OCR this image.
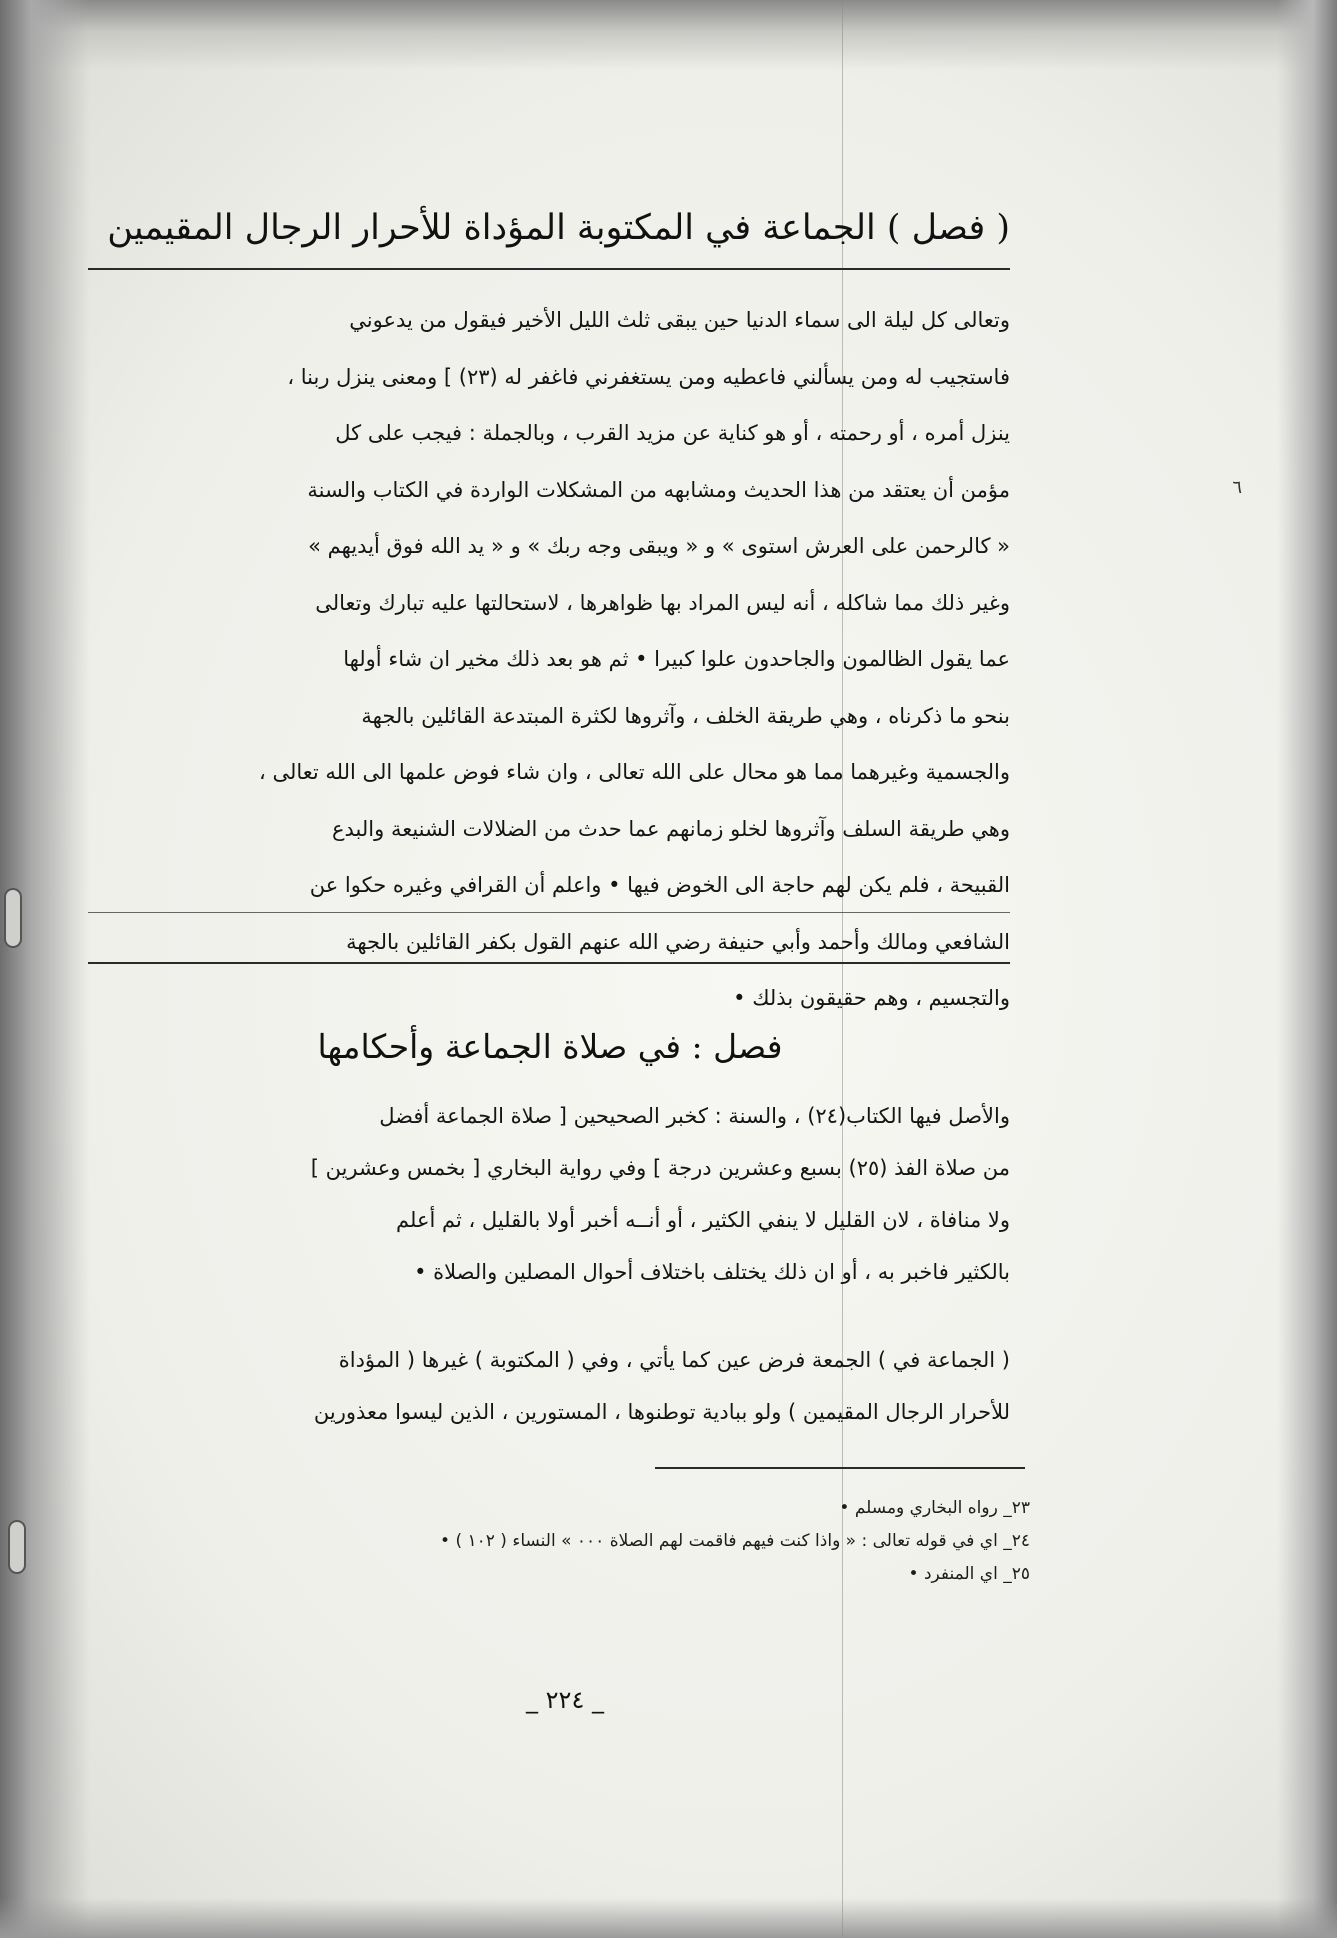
( فصل ) الجماعة في المكتوبة المؤداة للأحرار الرجال المقيمين
٦
وتعالى كل ليلة الى سماء الدنيا حين يبقى ثلث الليل الأخير فيقول من يدعوني
فاستجيب له ومن يسألني فاعطيه ومن يستغفرني فاغفر له (٢٣) ] ومعنى ينزل ربنا ،
ينزل أمره ، أو رحمته ، أو هو كناية عن مزيد القرب ، وبالجملة : فيجب على كل
مؤمن أن يعتقد من هذا الحديث ومشابهه من المشكلات الواردة في الكتاب والسنة
« كالرحمن على العرش استوى » و « ويبقى وجه ربك » و « يد الله فوق أيديهم »
وغير ذلك مما شاكله ، أنه ليس المراد بها ظواهرها ، لاستحالتها عليه تبارك وتعالى
عما يقول الظالمون والجاحدون علوا كبيرا • ثم هو بعد ذلك مخير ان شاء أولها
بنحو ما ذكرناه ، وهي طريقة الخلف ، وآثروها لكثرة المبتدعة القائلين بالجهة
والجسمية وغيرهما مما هو محال على الله تعالى ، وان شاء فوض علمها الى الله تعالى ،
وهي طريقة السلف وآثروها لخلو زمانهم عما حدث من الضلالات الشنيعة والبدع
القبيحة ، فلم يكن لهم حاجة الى الخوض فيها • واعلم أن القرافي وغيره حكوا عن
الشافعي ومالك وأحمد وأبي حنيفة رضي الله عنهم القول بكفر القائلين بالجهة
والتجسيم ، وهم حقيقون بذلك •
فصل : في صلاة الجماعة وأحكامها
والأصل فيها الكتاب(٢٤) ، والسنة : كخبر الصحيحين [ صلاة الجماعة أفضل
من صلاة الفذ (٢٥) بسبع وعشرين درجة ] وفي رواية البخاري [ بخمس وعشرين ]
ولا منافاة ، لان القليل لا ينفي الكثير ، أو أنــه أخبر أولا بالقليل ، ثم أعلم
بالكثير فاخبر به ، أو ان ذلك يختلف باختلاف أحوال المصلين والصلاة •
( الجماعة في ) الجمعة فرض عين كما يأتي ، وفي ( المكتوبة ) غيرها ( المؤداة
للأحرار الرجال المقيمين ) ولو ببادية توطنوها ، المستورين ، الذين ليسوا معذورين
٢٣_ رواه البخاري ومسلم •
٢٤_ اي في قوله تعالى : « واذا كنت فيهم فاقمت لهم الصلاة ٠٠٠ » النساء ( ١٠٢ ) •
٢٥_ اي المنفرد •
_ ٢٢٤ _
